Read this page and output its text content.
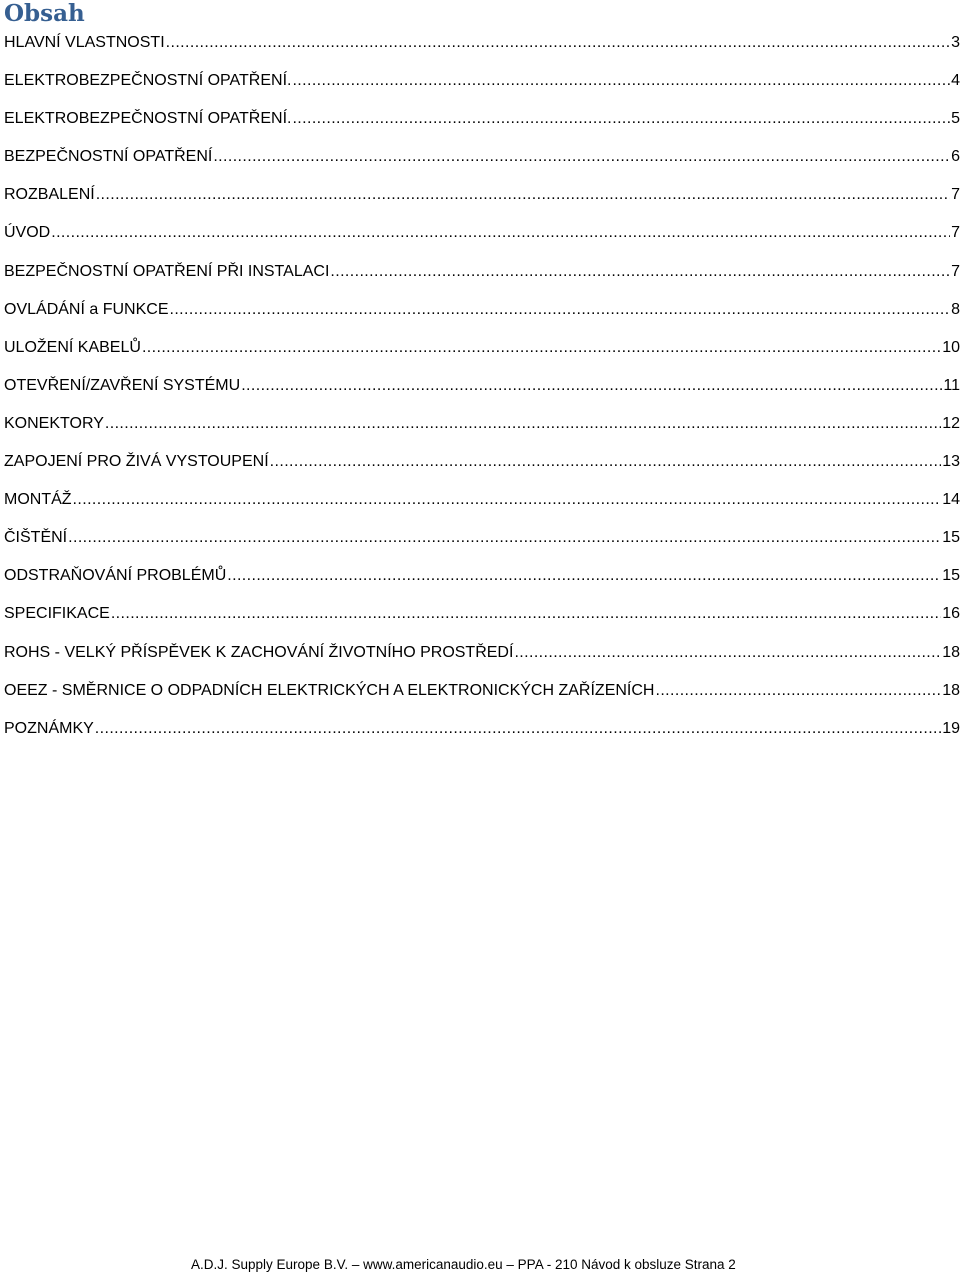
Obsah
HLAVNÍ VLASTNOSTI .....	3
ELEKTROBEZPEČNOSTNÍ OPATŘENÍ. .....	4
ELEKTROBEZPEČNOSTNÍ OPATŘENÍ. .....	5
BEZPEČNOSTNÍ OPATŘENÍ .....	6
ROZBALENÍ .....	7
ÚVOD .....	7
BEZPEČNOSTNÍ OPATŘENÍ PŘI INSTALACI .....	7
OVLÁDÁNÍ a FUNKCE .....	8
ULOŽENÍ KABELŮ .....	10
OTEVŘENÍ/ZAVŘENÍ SYSTÉMU .....	11
KONEKTORY .....	12
ZAPOJENÍ PRO ŽIVÁ VYSTOUPENÍ .....	13
MONTÁŽ .....	14
ČIŠTĚNÍ .....	15
ODSTRAŇOVÁNÍ PROBLÉMŮ .....	15
SPECIFIKACE .....	16
ROHS - VELKÝ PŘÍSPĚVEK K ZACHOVÁNÍ ŽIVOTNÍHO PROSTŘEDÍ .....	18
OEEZ - SMĚRNICE O ODPADNÍCH ELEKTRICKÝCH A ELEKTRONICKÝCH ZAŘÍZENÍCH .....	18
POZNÁMKY .....	19
A.D.J. Supply Europe B.V. – www.americanaudio.eu – PPA - 210 Návod k obsluze Strana 2
